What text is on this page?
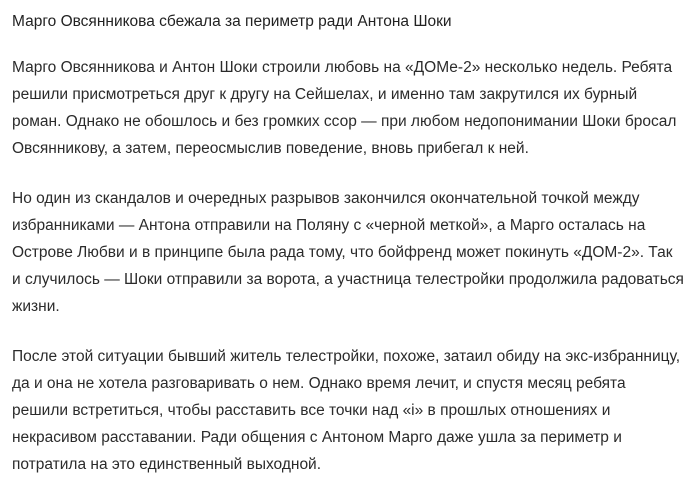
Марго Овсянникова сбежала за периметр ради Антона Шоки

Марго Овсянникова и Антон Шоки строили любовь на «ДОМе-2» несколько недель. Ребята решили присмотреться друг к другу на Сейшелах, и именно там закрутился их бурный роман. Однако не обошлось и без громких ссор — при любом недопонимании Шоки бросал Овсянникову, а затем, переосмыслив поведение, вновь прибегал к ней.

Но один из скандалов и очередных разрывов закончился окончательной точкой между избранниками — Антона отправили на Поляну с «черной меткой», а Марго осталась на Острове Любви и в принципе была рада тому, что бойфренд может покинуть «ДОМ-2». Так и случилось — Шоки отправили за ворота, а участница телестройки продолжила радоваться жизни.

После этой ситуации бывший житель телестройки, похоже, затаил обиду на экс-избранницу, да и она не хотела разговаривать о нем. Однако время лечит, и спустя месяц ребята решили встретиться, чтобы расставить все точки над «i» в прошлых отношениях и некрасивом расставании. Ради общения с Антоном Марго даже ушла за периметр и потратила на это единственный выходной.
